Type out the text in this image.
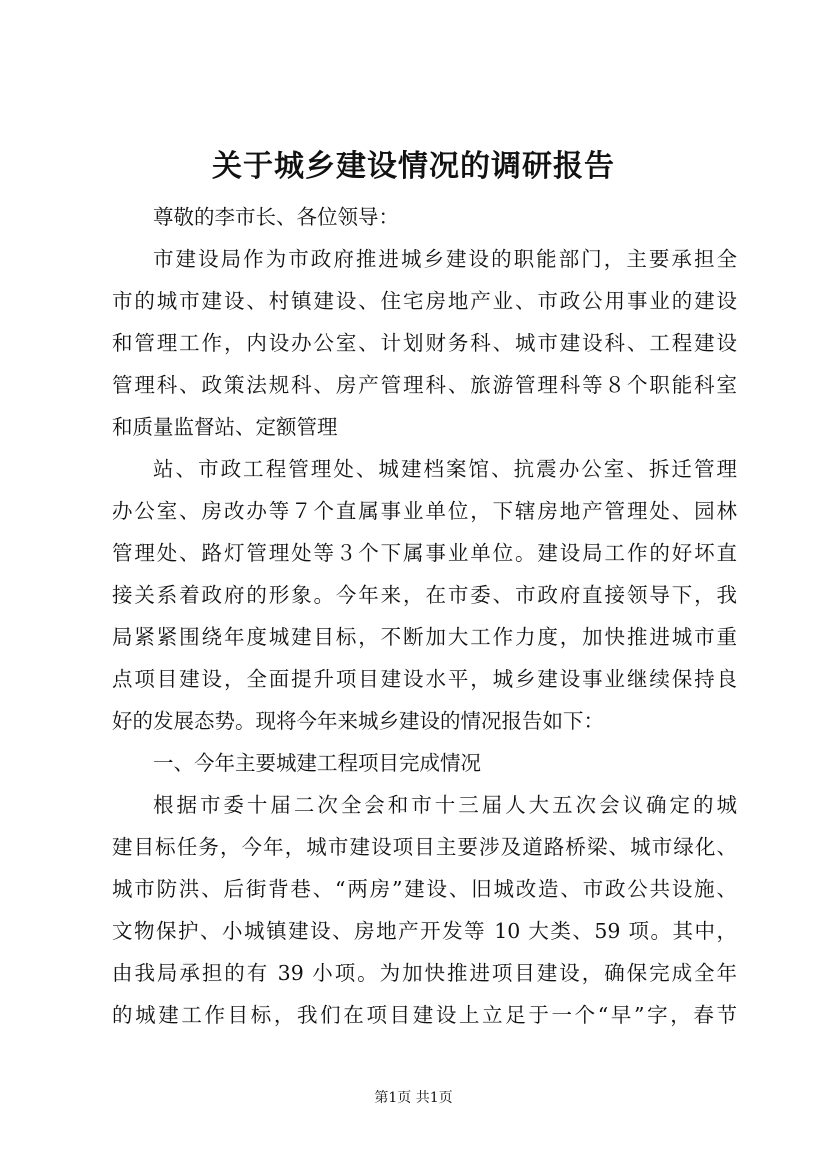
关于城乡建设情况的调研报告
尊敬的李市长、各位领导：
市建设局作为市政府推进城乡建设的职能部门，主要承担全
市的城市建设、村镇建设、住宅房地产业、市政公用事业的建设
和管理工作，内设办公室、计划财务科、城市建设科、工程建设
管理科、政策法规科、房产管理科、旅游管理科等８个职能科室
和质量监督站、定额管理
站、市政工程管理处、城建档案馆、抗震办公室、拆迁管理
办公室、房改办等７个直属事业单位，下辖房地产管理处、园林
管理处、路灯管理处等３个下属事业单位。建设局工作的好坏直
接关系着政府的形象。今年来，在市委、市政府直接领导下，我
局紧紧围绕年度城建目标，不断加大工作力度，加快推进城市重
点项目建设，全面提升项目建设水平，城乡建设事业继续保持良
好的发展态势。现将今年来城乡建设的情况报告如下：
一、今年主要城建工程项目完成情况
根据市委十届二次全会和市十三届人大五次会议确定的城
建目标任务，今年，城市建设项目主要涉及道路桥梁、城市绿化、
城市防洪、后街背巷、“两房”建设、旧城改造、市政公共设施、
文物保护、小城镇建设、房地产开发等 10 大类、59 项。其中，
由我局承担的有 39 小项。为加快推进项目建设，确保完成全年
的城建工作目标，我们在项目建设上立足于一个“早”字，春节
第1页 共1页
